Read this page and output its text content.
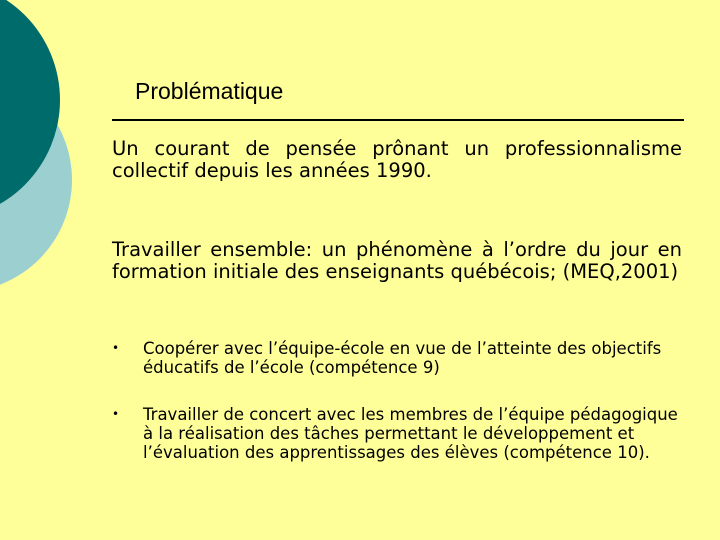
Problématique

Un courant de pensée prônant un professionnalisme collectif depuis les années 1990.

Travailler ensemble: un phénomène à l’ordre du jour en formation initiale des enseignants québécois; (MEQ,2001)

•	Coopérer avec l’équipe-école en vue de l’atteinte des objectifs éducatifs de l’école (compétence 9)
•	Travailler de concert avec les membres de l’équipe pédagogique à la réalisation des tâches permettant le développement et l’évaluation des apprentissages des élèves (compétence 10).
